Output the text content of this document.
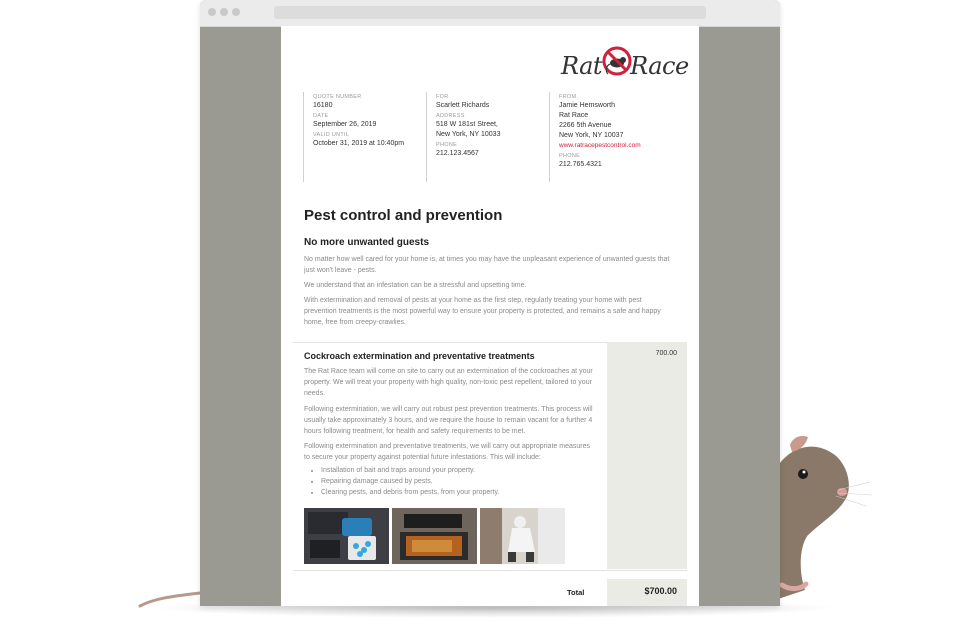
Rat Race
QUOTE NUMBER
16180
DATE
September 26, 2019
VALID UNTIL
October 31, 2019 at 10:40pm
FOR
Scarlett Richards
ADDRESS
518 W 181st Street,
New York, NY 10033
PHONE
212.123.4567
FROM
Jamie Hemsworth
Rat Race
2266 5th Avenue
New York, NY 10037
www.ratracepestcontrol.com
PHONE
212.765.4321
Pest control and prevention
No more unwanted guests
No matter how well cared for your home is, at times you may have the unpleasant experience of unwanted guests that just won't leave - pests.
We understand that an infestation can be a stressful and upsetting time.
With extermination and removal of pests at your home as the first step, regularly treating your home with pest prevention treatments is the most powerful way to ensure your property is protected, and remains a safe and happy home, free from creepy-crawlies.
700.00
Cockroach extermination and preventative treatments
The Rat Race team will come on site to carry out an extermination of the cockroaches at your property. We will treat your property with high quality, non-toxic pest repellent, tailored to your needs.
Following extermination, we will carry out robust pest prevention treatments. This process will usually take approximately 3 hours, and we require the house to remain vacant for a further 4 hours following treatment, for health and safety requirements to be met.
Following extermination and preventative treatments, we will carry out appropriate measures to secure your property against potential future infestations. This will include:
• Installation of bait and traps around your property.
• Repairing damage caused by pests.
• Clearing pests, and debris from pests, from your property.
Total	$700.00
